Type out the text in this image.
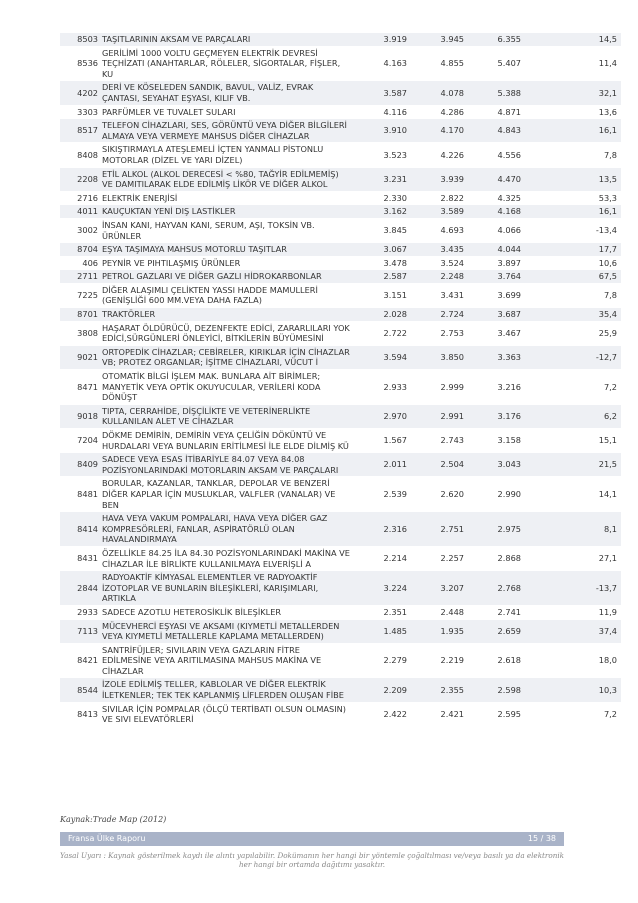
8503	TAŞITLARININ AKSAM VE PARÇALARI	3.919	3.945	6.355	14,5
8536	GERİLİMİ 1000 VOLTU GEÇMEYEN ELEKTRİK DEVRESİ TEÇHİZATI (ANAHTARLAR, RÖLELER, SİGORTALAR, FİŞLER, KU	4.163	4.855	5.407	11,4
4202	DERİ VE KÖSELEDEN SANDIK, BAVUL, VALİZ, EVRAK ÇANTASI, SEYAHAT EŞYASI, KILIF VB.	3.587	4.078	5.388	32,1
3303	PARFÜMLER VE TUVALET SULARI	4.116	4.286	4.871	13,6
8517	TELEFON CİHAZLARI, SES, GÖRÜNTÜ VEYA DİĞER BİLGİLERİ ALMAYA VEYA VERMEYE MAHSUS DİĞER CİHAZLAR	3.910	4.170	4.843	16,1
8408	SIKIŞTIRMAYLA ATEŞLEMELİ İÇTEN YANMALI PİSTONLU MOTORLAR (DİZEL VE YARI DİZEL)	3.523	4.226	4.556	7,8
2208	ETİL ALKOL (ALKOL DERECESİ < %80, TAĞYİR EDİLMEMİŞ) VE DAMITILARAK ELDE EDİLMİŞ LİKÖR VE DİĞER ALKOL	3.231	3.939	4.470	13,5
2716	ELEKTRİK ENERJİSİ	2.330	2.822	4.325	53,3
4011	KAUÇUKTAN YENİ DIŞ LASTİKLER	3.162	3.589	4.168	16,1
3002	İNSAN KANI, HAYVAN KANI, SERUM, AŞI, TOKSİN VB. ÜRÜNLER	3.845	4.693	4.066	-13,4
8704	EŞYA TAŞIMAYA MAHSUS MOTORLU TAŞITLAR	3.067	3.435	4.044	17,7
406	PEYNİR VE PIHTILAŞMIŞ ÜRÜNLER	3.478	3.524	3.897	10,6
2711	PETROL GAZLARI VE DİĞER GAZLI HİDROKARBONLAR	2.587	2.248	3.764	67,5
7225	DİĞER ALAŞIMLI ÇELİKTEN YASSI HADDE MAMULLERİ (GENİŞLİĞİ 600 MM.VEYA DAHA FAZLA)	3.151	3.431	3.699	7,8
8701	TRAKTÖRLER	2.028	2.724	3.687	35,4
3808	HAŞARAT ÖLDÜRÜCÜ, DEZENFEKTE EDİCİ, ZARARLILARI YOK EDİCİ,SÜRGÜNLERİ ÖNLEYİCİ, BİTKİLERİN BÜYÜMESİNİ	2.722	2.753	3.467	25,9
9021	ORTOPEDİK CİHAZLAR; CEBİRELER, KIRIKLAR İÇİN CİHAZLAR VB; PROTEZ ORGANLAR; İŞİTME CİHAZLARI, VÜCUT İ	3.594	3.850	3.363	-12,7
8471	OTOMATİK BİLGİ İŞLEM MAK. BUNLARA AİT BİRİMLER; MANYETİK VEYA OPTİK OKUYUCULAR, VERİLERİ KODA DÖNÜŞT	2.933	2.999	3.216	7,2
9018	TIPTA, CERRAHİDE, DİŞÇİLİKTE VE VETERİNERLİKTE KULLANILAN ALET VE CİHAZLAR	2.970	2.991	3.176	6,2
7204	DÖKME DEMİRİN, DEMİRİN VEYA ÇELİĞİN DÖKÜNTÜ VE HURDALARI VEYA BUNLARIN ERİTİLMESİ İLE ELDE DİLMİŞ KÜ	1.567	2.743	3.158	15,1
8409	SADECE VEYA ESAS İTİBARİYLE 84.07 VEYA 84.08 POZİSYONLARINDAKİ MOTORLARIN AKSAM VE PARÇALARI	2.011	2.504	3.043	21,5
8481	BORULAR, KAZANLAR, TANKLAR, DEPOLAR VE BENZERİ DİĞER KAPLAR İÇİN MUSLUKLAR, VALFLER (VANALAR) VE BEN	2.539	2.620	2.990	14,1
8414	HAVA VEYA VAKUM POMPALARI, HAVA VEYA DİĞER GAZ KOMPRESÖRLERİ, FANLAR, ASPİRATÖRLÜ OLAN HAVALANDIRMAYA	2.316	2.751	2.975	8,1
8431	ÖZELLİKLE 84.25 İLA 84.30 POZİSYONLARINDAKİ MAKİNA VE CİHAZLAR İLE BİRLİKTE KULLANILMAYA ELVERİŞLİ A	2.214	2.257	2.868	27,1
2844	RADYOAKTİF KİMYASAL ELEMENTLER VE RADYOAKTİF İZOTOPLAR VE BUNLARIN BİLEŞİKLERİ, KARIŞIMLARI, ARTIKLA	3.224	3.207	2.768	-13,7
2933	SADECE AZOTLU HETEROSİKLİK BİLEŞİKLER	2.351	2.448	2.741	11,9
7113	MÜCEVHERCİ EŞYASI VE AKSAMI (KIYMETLİ METALLERDEN VEYA KIYMETLİ METALLERLE KAPLAMA METALLERDEN)	1.485	1.935	2.659	37,4
8421	SANTRİFÜJLER; SIVILARIN VEYA GAZLARIN FİTRE EDİLMESİNE VEYA ARITILMASINA MAHSUS MAKİNA VE CİHAZLAR	2.279	2.219	2.618	18,0
8544	İZOLE EDİLMİŞ TELLER, KABLOLAR VE DİĞER ELEKTRİK İLETKENLER; TEK TEK KAPLANMIŞ LİFLERDEN OLUŞAN FİBE	2.209	2.355	2.598	10,3
8413	SIVILAR İÇİN POMPALAR (ÖLÇÜ TERTİBATI OLSUN OLMASIN) VE SIVI ELEVATÖRLERİ	2.422	2.421	2.595	7,2
Kaynak:Trade Map (2012)
Fransa Ülke Raporu	15 / 38
Yasal Uyarı : Kaynak gösterilmek kaydı ile alıntı yapılabilir. Dokümanın her hangi bir yöntemle çoğaltılması ve/veya basılı ya da elektronik her hangi bir ortamda dağıtımı yasaktır.
